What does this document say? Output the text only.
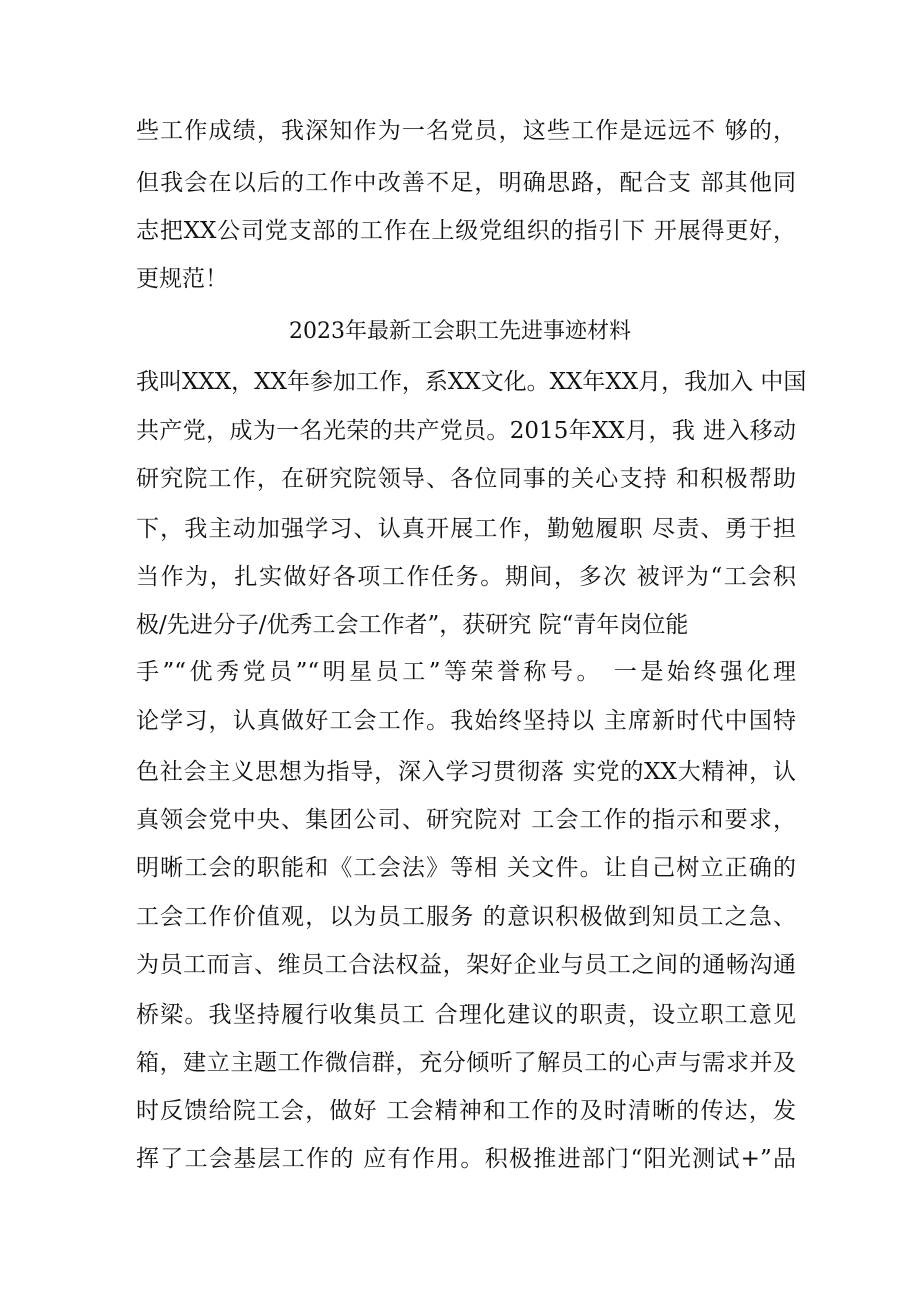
些工作成绩，我深知作为一名党员，这些工作是远远不 够的，
但我会在以后的工作中改善不足，明确思路，配合支 部其他同
志把XX公司党支部的工作在上级党组织的指引下 开展得更好，
更规范！
2023年最新工会职工先进事迹材料
我叫XXX，XX年参加工作，系XX文化。XX年XX月，我加入 中国
共产党，成为一名光荣的共产党员。2015年XX月，我 进入移动
研究院工作，在研究院领导、各位同事的关心支持 和积极帮助
下，我主动加强学习、认真开展工作，勤勉履职 尽责、勇于担
当作为，扎实做好各项工作任务。期间，多次 被评为“工会积
极/先进分子/优秀工会工作者”，获研究 院“青年岗位能
手”“优秀党员”“明星员工”等荣誉称号。 一是始终强化理
论学习，认真做好工会工作。我始终坚持以 主席新时代中国特
色社会主义思想为指导，深入学习贯彻落 实党的XX大精神，认
真领会党中央、集团公司、研究院对 工会工作的指示和要求，
明晰工会的职能和《工会法》等相 关文件。让自己树立正确的
工会工作价值观，以为员工服务 的意识积极做到知员工之急、
为员工而言、维员工合法权益，架好企业与员工之间的通畅沟通
桥梁。我坚持履行收集员工 合理化建议的职责，设立职工意见
箱，建立主题工作微信群，充分倾听了解员工的心声与需求并及
时反馈给院工会，做好 工会精神和工作的及时清晰的传达，发
挥了工会基层工作的 应有作用。积极推进部门“阳光测试+”品
